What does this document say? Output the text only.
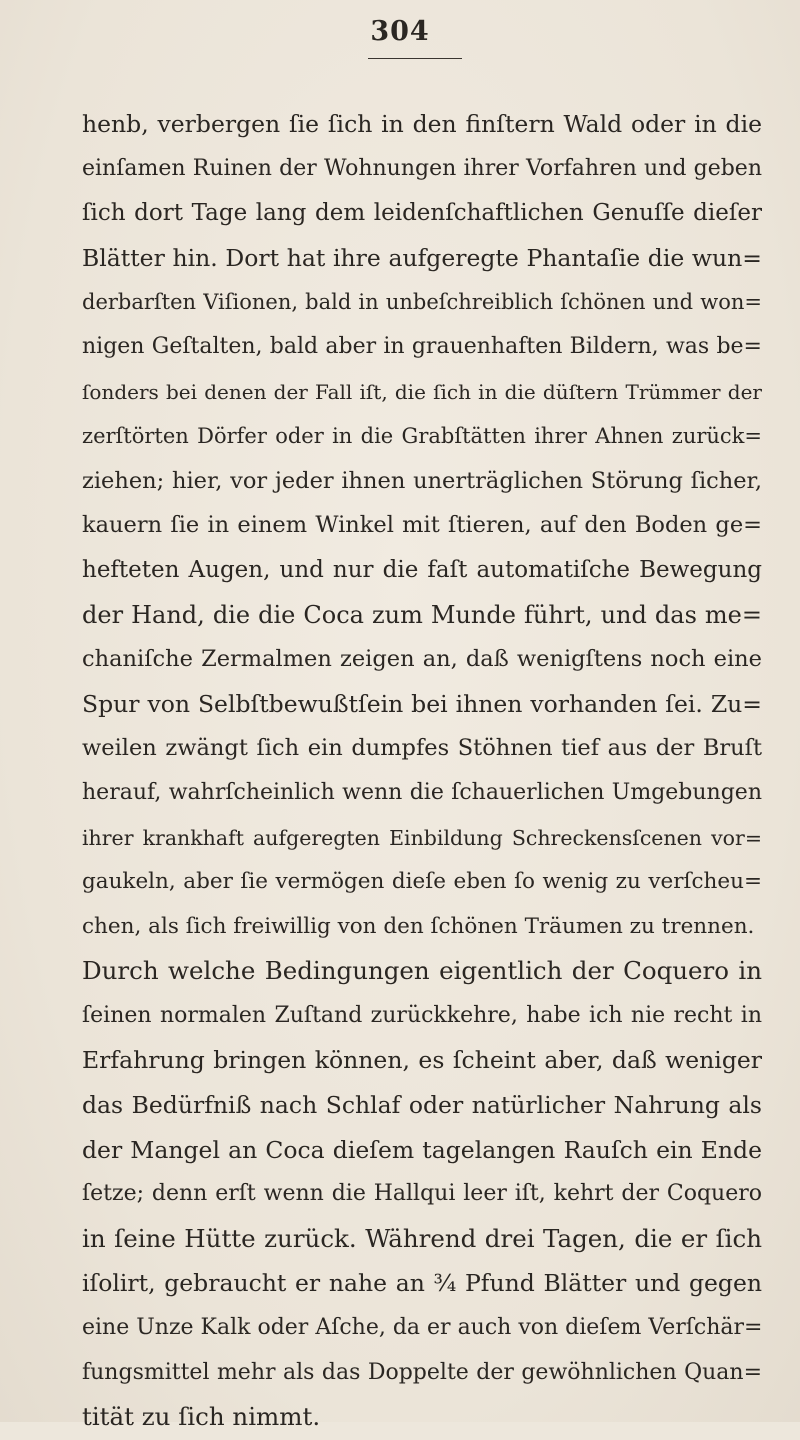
304
henb, verbergen ſie ſich in den finſtern Wald oder in die
einſamen Ruinen der Wohnungen ihrer Vorfahren und geben
ſich dort Tage lang dem leidenſchaftlichen Genuſſe dieſer
Blätter hin. Dort hat ihre aufgeregte Phantaſie die wun=
derbarſten Viſionen, bald in unbeſchreiblich ſchönen und won=
nigen Geſtalten, bald aber in grauenhaften Bildern, was be=
ſonders bei denen der Fall iſt, die ſich in die düſtern Trümmer der
zerſtörten Dörfer oder in die Grabſtätten ihrer Ahnen zurück=
ziehen; hier, vor jeder ihnen unerträglichen Störung ſicher,
kauern ſie in einem Winkel mit ſtieren, auf den Boden ge=
hefteten Augen, und nur die faſt automatiſche Bewegung
der Hand, die die Coca zum Munde führt, und das me=
chaniſche Zermalmen zeigen an, daß wenigſtens noch eine
Spur von Selbſtbewußtſein bei ihnen vorhanden ſei. Zu=
weilen zwängt ſich ein dumpfes Stöhnen tief aus der Bruſt
herauf, wahrſcheinlich wenn die ſchauerlichen Umgebungen
ihrer krankhaft aufgeregten Einbildung Schreckensſcenen vor=
gaukeln, aber ſie vermögen dieſe eben ſo wenig zu verſcheu=
chen, als ſich freiwillig von den ſchönen Träumen zu trennen.
Durch welche Bedingungen eigentlich der Coquero in
ſeinen normalen Zuſtand zurückkehre, habe ich nie recht in
Erfahrung bringen können, es ſcheint aber, daß weniger
das Bedürfniß nach Schlaf oder natürlicher Nahrung als
der Mangel an Coca dieſem tagelangen Rauſch ein Ende
ſetze; denn erſt wenn die Hallqui leer iſt, kehrt der Coquero
in ſeine Hütte zurück. Während drei Tagen, die er ſich
iſolirt, gebraucht er nahe an ¾ Pfund Blätter und gegen
eine Unze Kalk oder Aſche, da er auch von dieſem Verſchär=
fungsmittel mehr als das Doppelte der gewöhnlichen Quan=
tität zu ſich nimmt.
